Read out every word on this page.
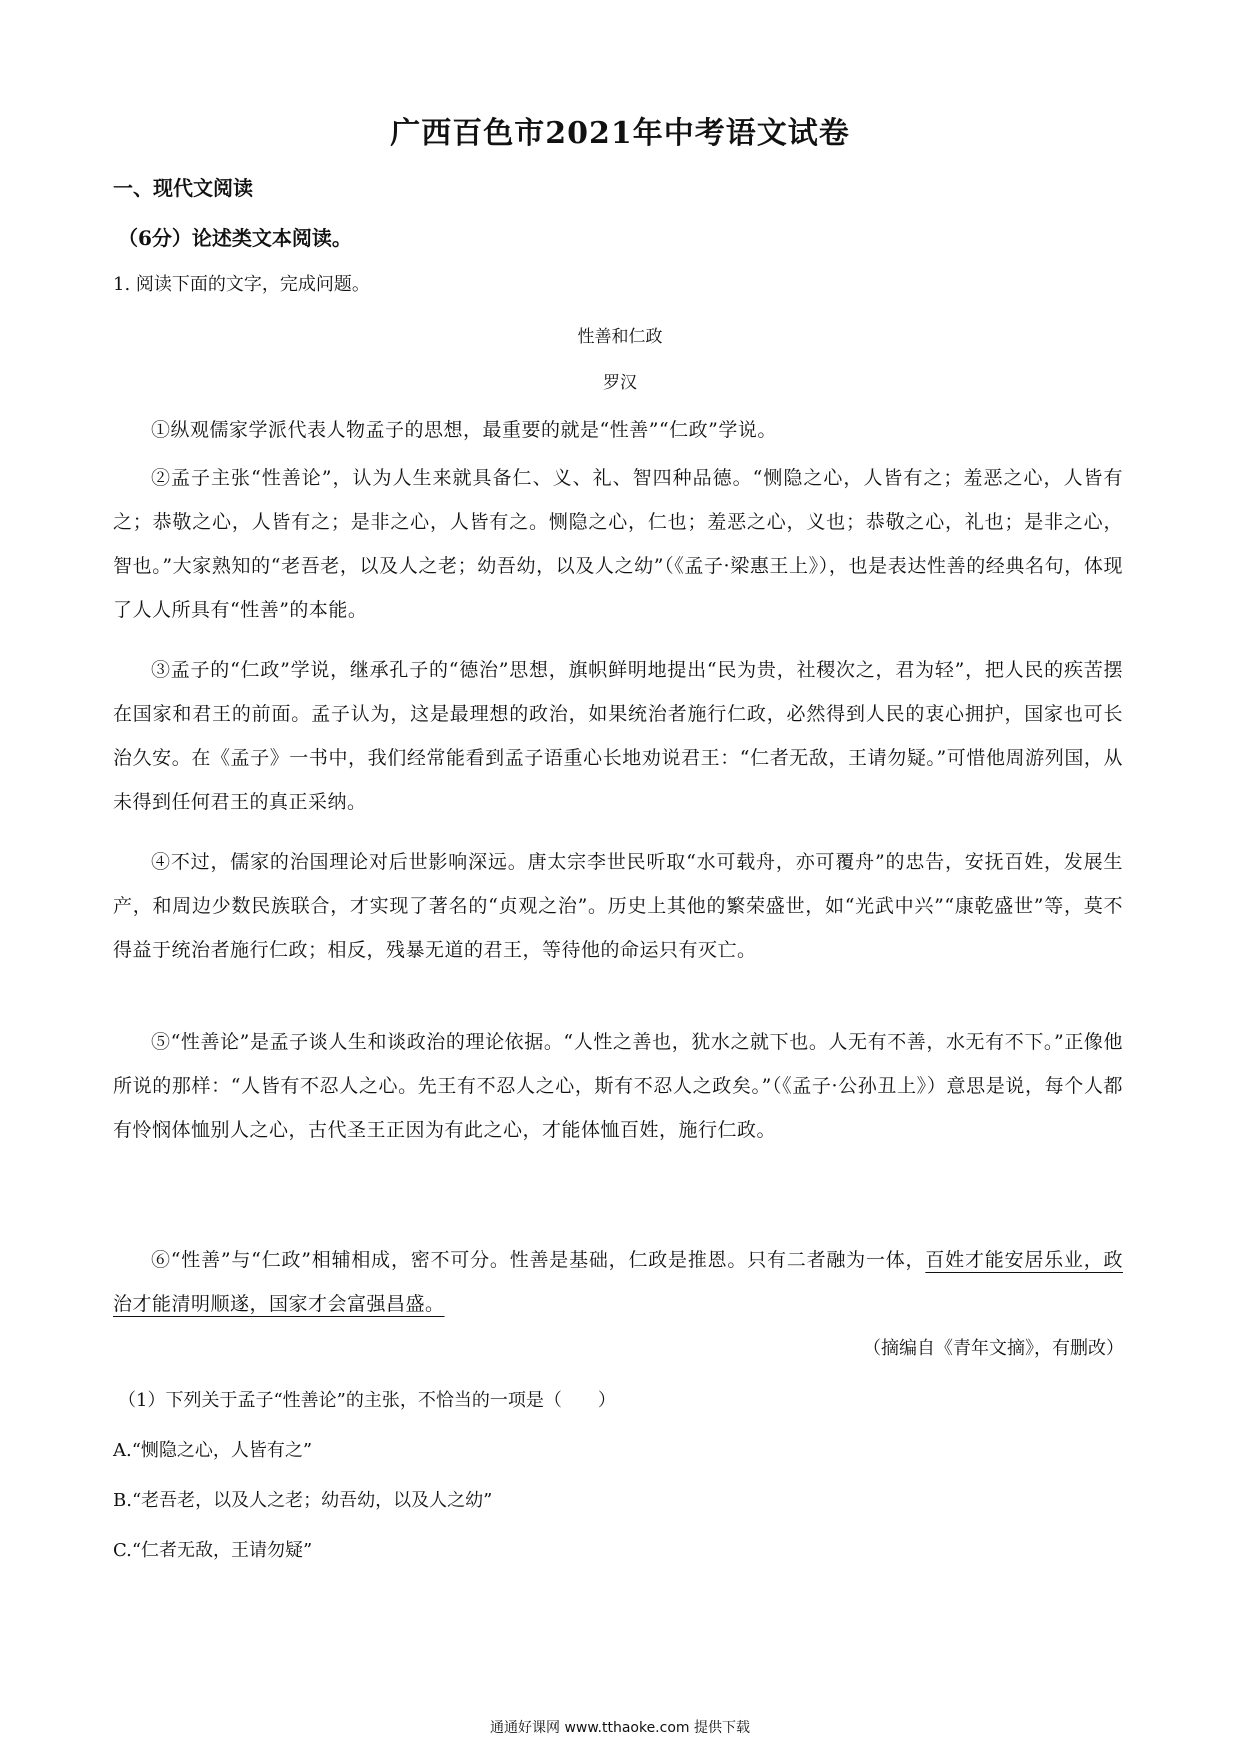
广西百色市2021年中考语文试卷
一、现代文阅读
（6分）论述类文本阅读。
1. 阅读下面的文字，完成问题。
性善和仁政
罗汉
①纵观儒家学派代表人物孟子的思想，最重要的就是“性善”“仁政”学说。
②孟子主张“性善论”，认为人生来就具备仁、义、礼、智四种品德。“恻隐之心，人皆有之；羞恶之心，人皆有之；恭敬之心，人皆有之；是非之心，人皆有之。恻隐之心，仁也；羞恶之心，义也；恭敬之心，礼也；是非之心，智也。”大家熟知的“老吾老，以及人之老；幼吾幼，以及人之幼”（《孟子·梁惠王上》），也是表达性善的经典名句，体现了人人所具有“性善”的本能。
③孟子的“仁政”学说，继承孔子的“德治”思想，旗帜鲜明地提出“民为贵，社稷次之，君为轻”，把人民的疾苦摆在国家和君王的前面。孟子认为，这是最理想的政治，如果统治者施行仁政，必然得到人民的衷心拥护，国家也可长治久安。在《孟子》一书中，我们经常能看到孟子语重心长地劝说君王：“仁者无敌，王请勿疑。”可惜他周游列国，从未得到任何君王的真正采纳。
④不过，儒家的治国理论对后世影响深远。唐太宗李世民听取“水可载舟，亦可覆舟”的忠告，安抚百姓，发展生产，和周边少数民族联合，才实现了著名的“贞观之治”。历史上其他的繁荣盛世，如“光武中兴”“康乾盛世”等，莫不得益于统治者施行仁政；相反，残暴无道的君王，等待他的命运只有灭亡。
⑤“性善论”是孟子谈人生和谈政治的理论依据。“人性之善也，犹水之就下也。人无有不善，水无有不下。”正像他所说的那样：“人皆有不忍人之心。先王有不忍人之心，斯有不忍人之政矣。”（《孟子·公孙丑上》）意思是说，每个人都有怜悯体恤别人之心，古代圣王正因为有此之心，才能体恤百姓，施行仁政。
⑥“性善”与“仁政”相辅相成，密不可分。性善是基础，仁政是推恩。只有二者融为一体，百姓才能安居乐业，政治才能清明顺遂，国家才会富强昌盛。
（摘编自《青年文摘》，有删改）
（1）下列关于孟子“性善论”的主张，不恰当的一项是（　　）
A.“恻隐之心，人皆有之”
B.“老吾老，以及人之老；幼吾幼，以及人之幼”
C.“仁者无敌，王请勿疑”
通通好课网 www.tthaoke.com 提供下载
